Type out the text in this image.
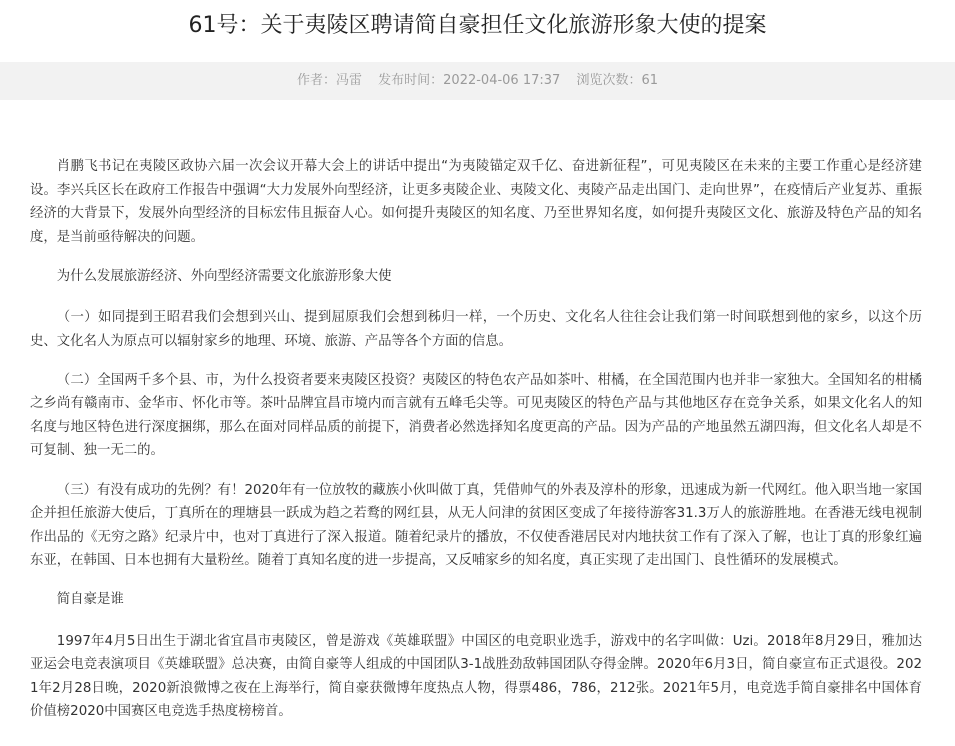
61号：关于夷陵区聘请简自豪担任文化旅游形象大使的提案
作者：冯雷 发布时间：2022-04-06 17:37 浏览次数：61

肖鹏飞书记在夷陵区政协六届一次会议开幕大会上的讲话中提出“为夷陵锚定双千亿、奋进新征程”，可见夷陵区在未来的主要工作重心是经济建设。李兴兵区长在政府工作报告中强调“大力发展外向型经济，让更多夷陵企业、夷陵文化、夷陵产品走出国门、走向世界”，在疫情后产业复苏、重振经济的大背景下，发展外向型经济的目标宏伟且振奋人心。如何提升夷陵区的知名度、乃至世界知名度，如何提升夷陵区文化、旅游及特色产品的知名度，是当前亟待解决的问题。

为什么发展旅游经济、外向型经济需要文化旅游形象大使

（一）如同提到王昭君我们会想到兴山、提到屈原我们会想到秭归一样，一个历史、文化名人往往会让我们第一时间联想到他的家乡，以这个历史、文化名人为原点可以辐射家乡的地理、环境、旅游、产品等各个方面的信息。

（二）全国两千多个县、市，为什么投资者要来夷陵区投资？夷陵区的特色农产品如茶叶、柑橘，在全国范围内也并非一家独大。全国知名的柑橘之乡尚有赣南市、金华市、怀化市等。茶叶品牌宜昌市境内而言就有五峰毛尖等。可见夷陵区的特色产品与其他地区存在竞争关系，如果文化名人的知名度与地区特色进行深度捆绑，那么在面对同样品质的前提下，消费者必然选择知名度更高的产品。因为产品的产地虽然五湖四海，但文化名人却是不可复制、独一无二的。

（三）有没有成功的先例？有！2020年有一位放牧的藏族小伙叫做丁真，凭借帅气的外表及淳朴的形象，迅速成为新一代网红。他入职当地一家国企并担任旅游大使后，丁真所在的理塘县一跃成为趋之若鹜的网红县，从无人问津的贫困区变成了年接待游客31.3万人的旅游胜地。在香港无线电视制作出品的《无穷之路》纪录片中，也对丁真进行了深入报道。随着纪录片的播放，不仅使香港居民对内地扶贫工作有了深入了解，也让丁真的形象红遍东亚，在韩国、日本也拥有大量粉丝。随着丁真知名度的进一步提高，又反哺家乡的知名度，真正实现了走出国门、良性循环的发展模式。

简自豪是谁

1997年4月5日出生于湖北省宜昌市夷陵区，曾是游戏《英雄联盟》中国区的电竞职业选手，游戏中的名字叫做：Uzi。2018年8月29日，雅加达亚运会电竞表演项目《英雄联盟》总决赛，由简自豪等人组成的中国团队3-1战胜劲敌韩国团队夺得金牌。2020年6月3日，简自豪宣布正式退役。2021年2月28日晚，2020新浪微博之夜在上海举行，简自豪获微博年度热点人物，得票486，786，212张。2021年5月，电竞选手简自豪排名中国体育价值榜2020中国赛区电竞选手热度榜榜首。
